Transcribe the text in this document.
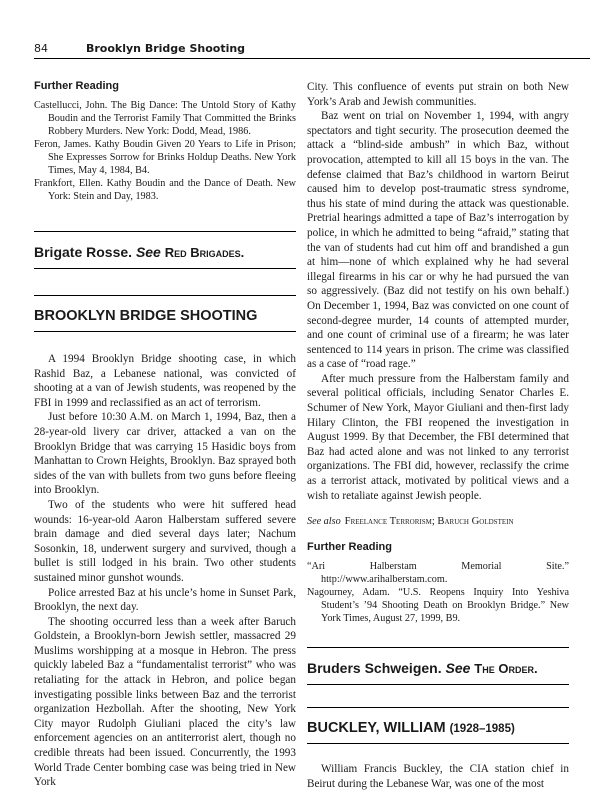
84	Brooklyn Bridge Shooting
Further Reading
Castellucci, John. The Big Dance: The Untold Story of Kathy Boudin and the Terrorist Family That Committed the Brinks Robbery Murders. New York: Dodd, Mead, 1986.
Feron, James. Kathy Boudin Given 20 Years to Life in Prison; She Expresses Sorrow for Brinks Holdup Deaths. New York Times, May 4, 1984, B4.
Frankfort, Ellen. Kathy Boudin and the Dance of Death. New York: Stein and Day, 1983.
Brigate Rosse. See Red Brigades.
BROOKLYN BRIDGE SHOOTING

A 1994 Brooklyn Bridge shooting case, in which Rashid Baz, a Lebanese national, was convicted of shooting at a van of Jewish students, was reopened by the FBI in 1999 and reclassified as an act of terrorism.

Just before 10:30 A.M. on March 1, 1994, Baz, then a 28-year-old livery car driver, attacked a van on the Brooklyn Bridge that was carrying 15 Hasidic boys from Manhattan to Crown Heights, Brooklyn. Baz sprayed both sides of the van with bullets from two guns before fleeing into Brooklyn.

Two of the students who were hit suffered head wounds: 16-year-old Aaron Halberstam suffered severe brain damage and died several days later; Nachum Sosonkin, 18, underwent surgery and survived, though a bullet is still lodged in his brain. Two other students sustained minor gunshot wounds.

Police arrested Baz at his uncle’s home in Sunset Park, Brooklyn, the next day.

The shooting occurred less than a week after Baruch Goldstein, a Brooklyn-born Jewish settler, massacred 29 Muslims worshipping at a mosque in Hebron. The press quickly labeled Baz a “fundamentalist terrorist” who was retaliating for the attack in Hebron, and police began investigating possible links between Baz and the terrorist organization Hezbollah. After the shooting, New York City mayor Rudolph Giuliani placed the city’s law enforcement agencies on an antiterrorist alert, though no credible threats had been issued. Concurrently, the 1993 World Trade Center bombing case was being tried in New York

City. This confluence of events put strain on both New York’s Arab and Jewish communities.

Baz went on trial on November 1, 1994, with angry spectators and tight security. The prosecution deemed the attack a “blind-side ambush” in which Baz, without provocation, attempted to kill all 15 boys in the van. The defense claimed that Baz’s childhood in wartorn Beirut caused him to develop post-traumatic stress syndrome, thus his state of mind during the attack was questionable. Pretrial hearings admitted a tape of Baz’s interrogation by police, in which he admitted to being “afraid,” stating that the van of students had cut him off and brandished a gun at him—none of which explained why he had several illegal firearms in his car or why he had pursued the van so aggressively. (Baz did not testify on his own behalf.) On December 1, 1994, Baz was convicted on one count of second-degree murder, 14 counts of attempted murder, and one count of criminal use of a firearm; he was later sentenced to 114 years in prison. The crime was classified as a case of “road rage.”

After much pressure from the Halberstam family and several political officials, including Senator Charles E. Schumer of New York, Mayor Giuliani and then-first lady Hilary Clinton, the FBI reopened the investigation in August 1999. By that December, the FBI determined that Baz had acted alone and was not linked to any terrorist organizations. The FBI did, however, reclassify the crime as a terrorist attack, motivated by political views and a wish to retaliate against Jewish people.

See also Freelance Terrorism; Baruch Goldstein
Further Reading
“Ari Halberstam Memorial Site.” http://www.arihalberstam.com.
Nagourney, Adam. “U.S. Reopens Inquiry Into Yeshiva Student’s ’94 Shooting Death on Brooklyn Bridge.” New York Times, August 27, 1999, B9.
Bruders Schweigen. See The Order.
BUCKLEY, WILLIAM (1928–1985)

William Francis Buckley, the CIA station chief in Beirut during the Lebanese War, was one of the most
